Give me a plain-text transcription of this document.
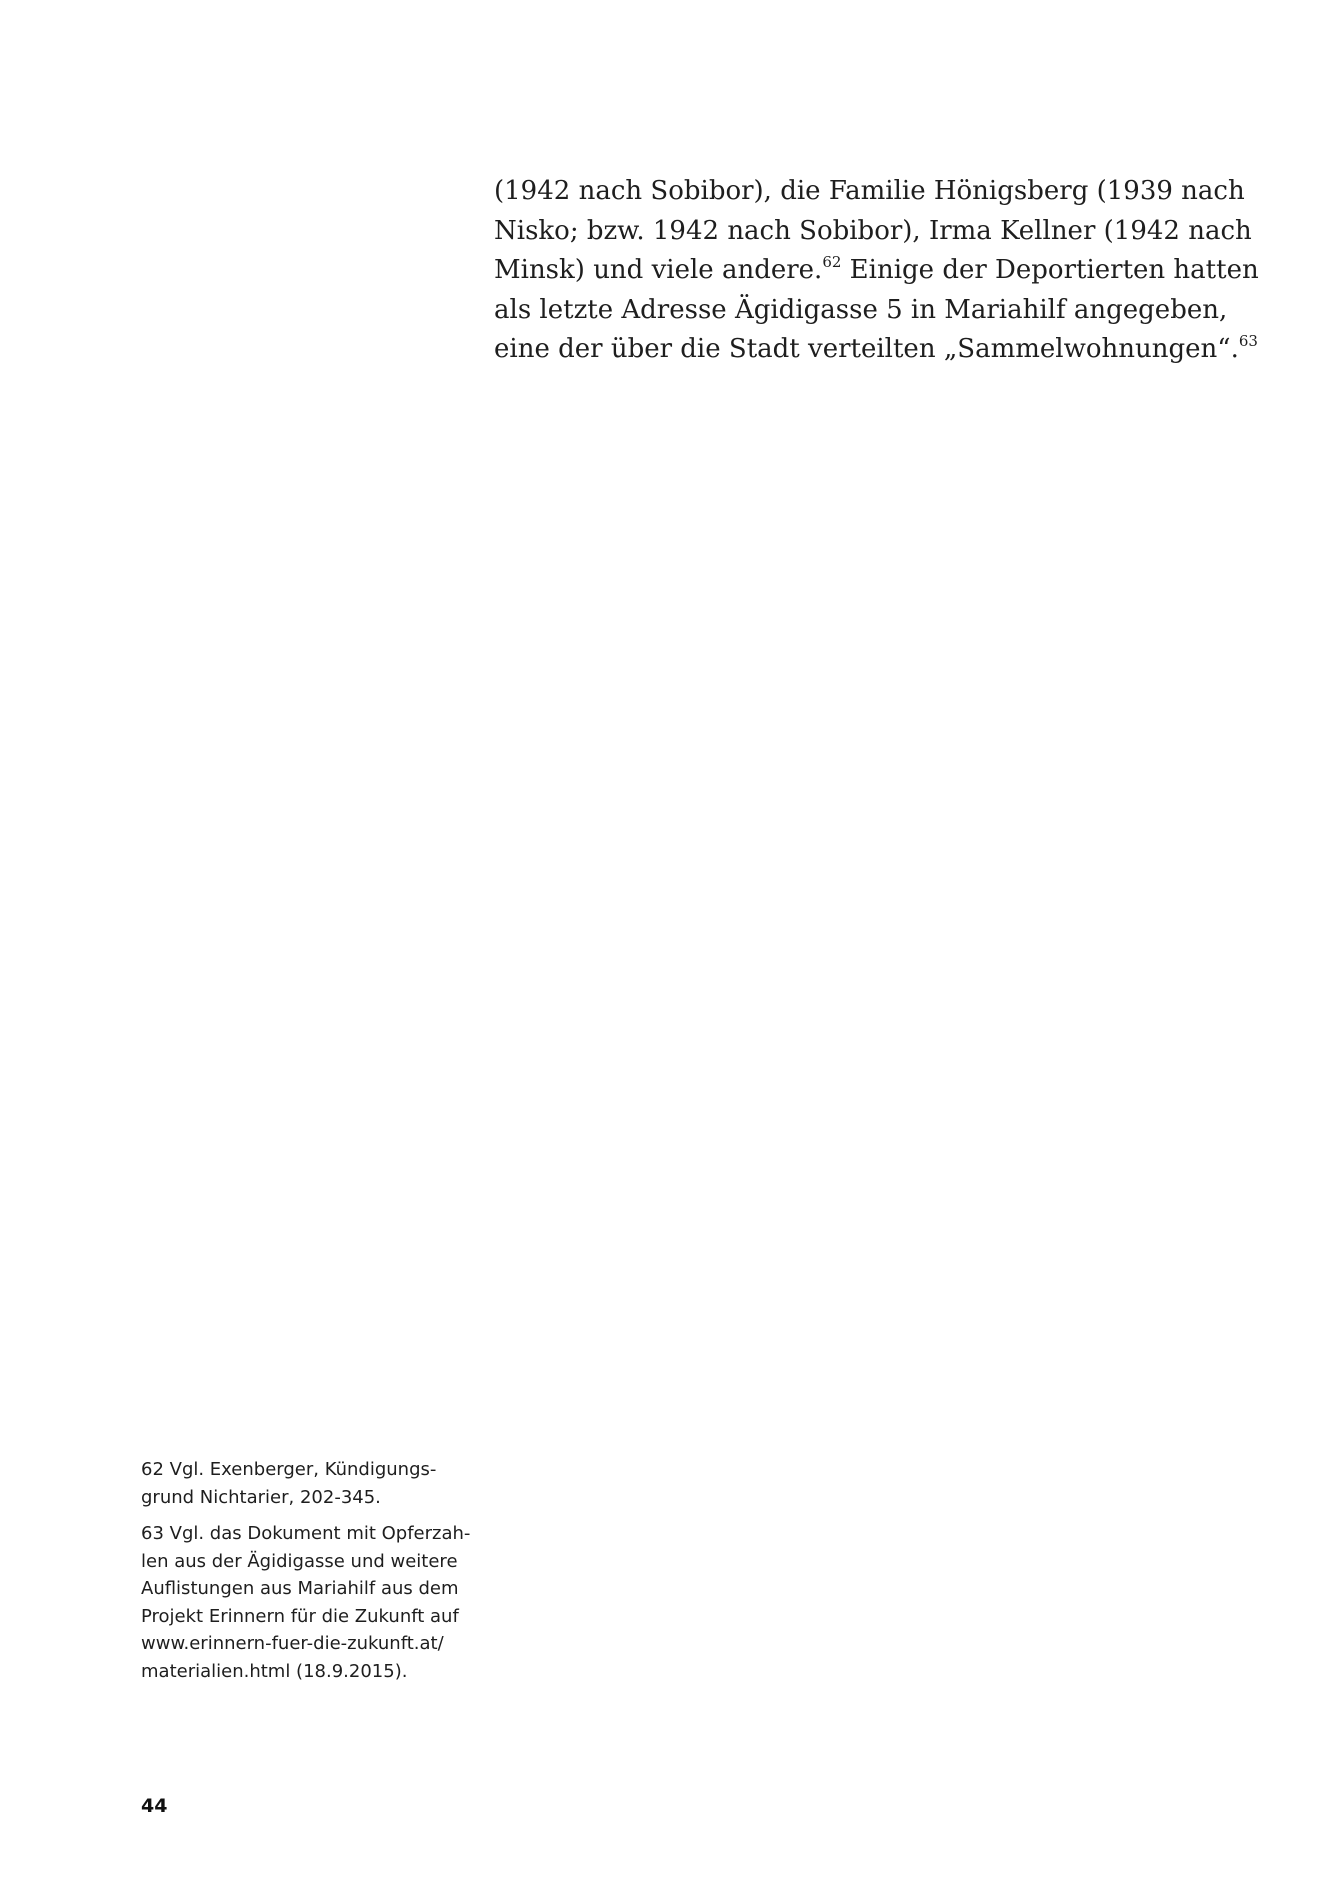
(1942 nach Sobibor), die Familie Hönigsberg (1939 nach
Nisko; bzw. 1942 nach Sobibor), Irma Kellner (1942 nach
Minsk) und viele andere.$^{62}$ Einige der Deportierten hatten
als letzte Adresse Ägidigasse 5 in Mariahilf angegeben,
eine der über die Stadt verteilten „Sammelwohnungen“.$^{63}$
62 Vgl. Exenberger, Kündigungs-
grund Nichtarier, 202-345.
63 Vgl. das Dokument mit Opferzah-
len aus der Ägidigasse und weitere
Auflistungen aus Mariahilf aus dem
Projekt Erinnern für die Zukunft auf
www.erinnern-fuer-die-zukunft.at/
materialien.html (18.9.2015).
44
